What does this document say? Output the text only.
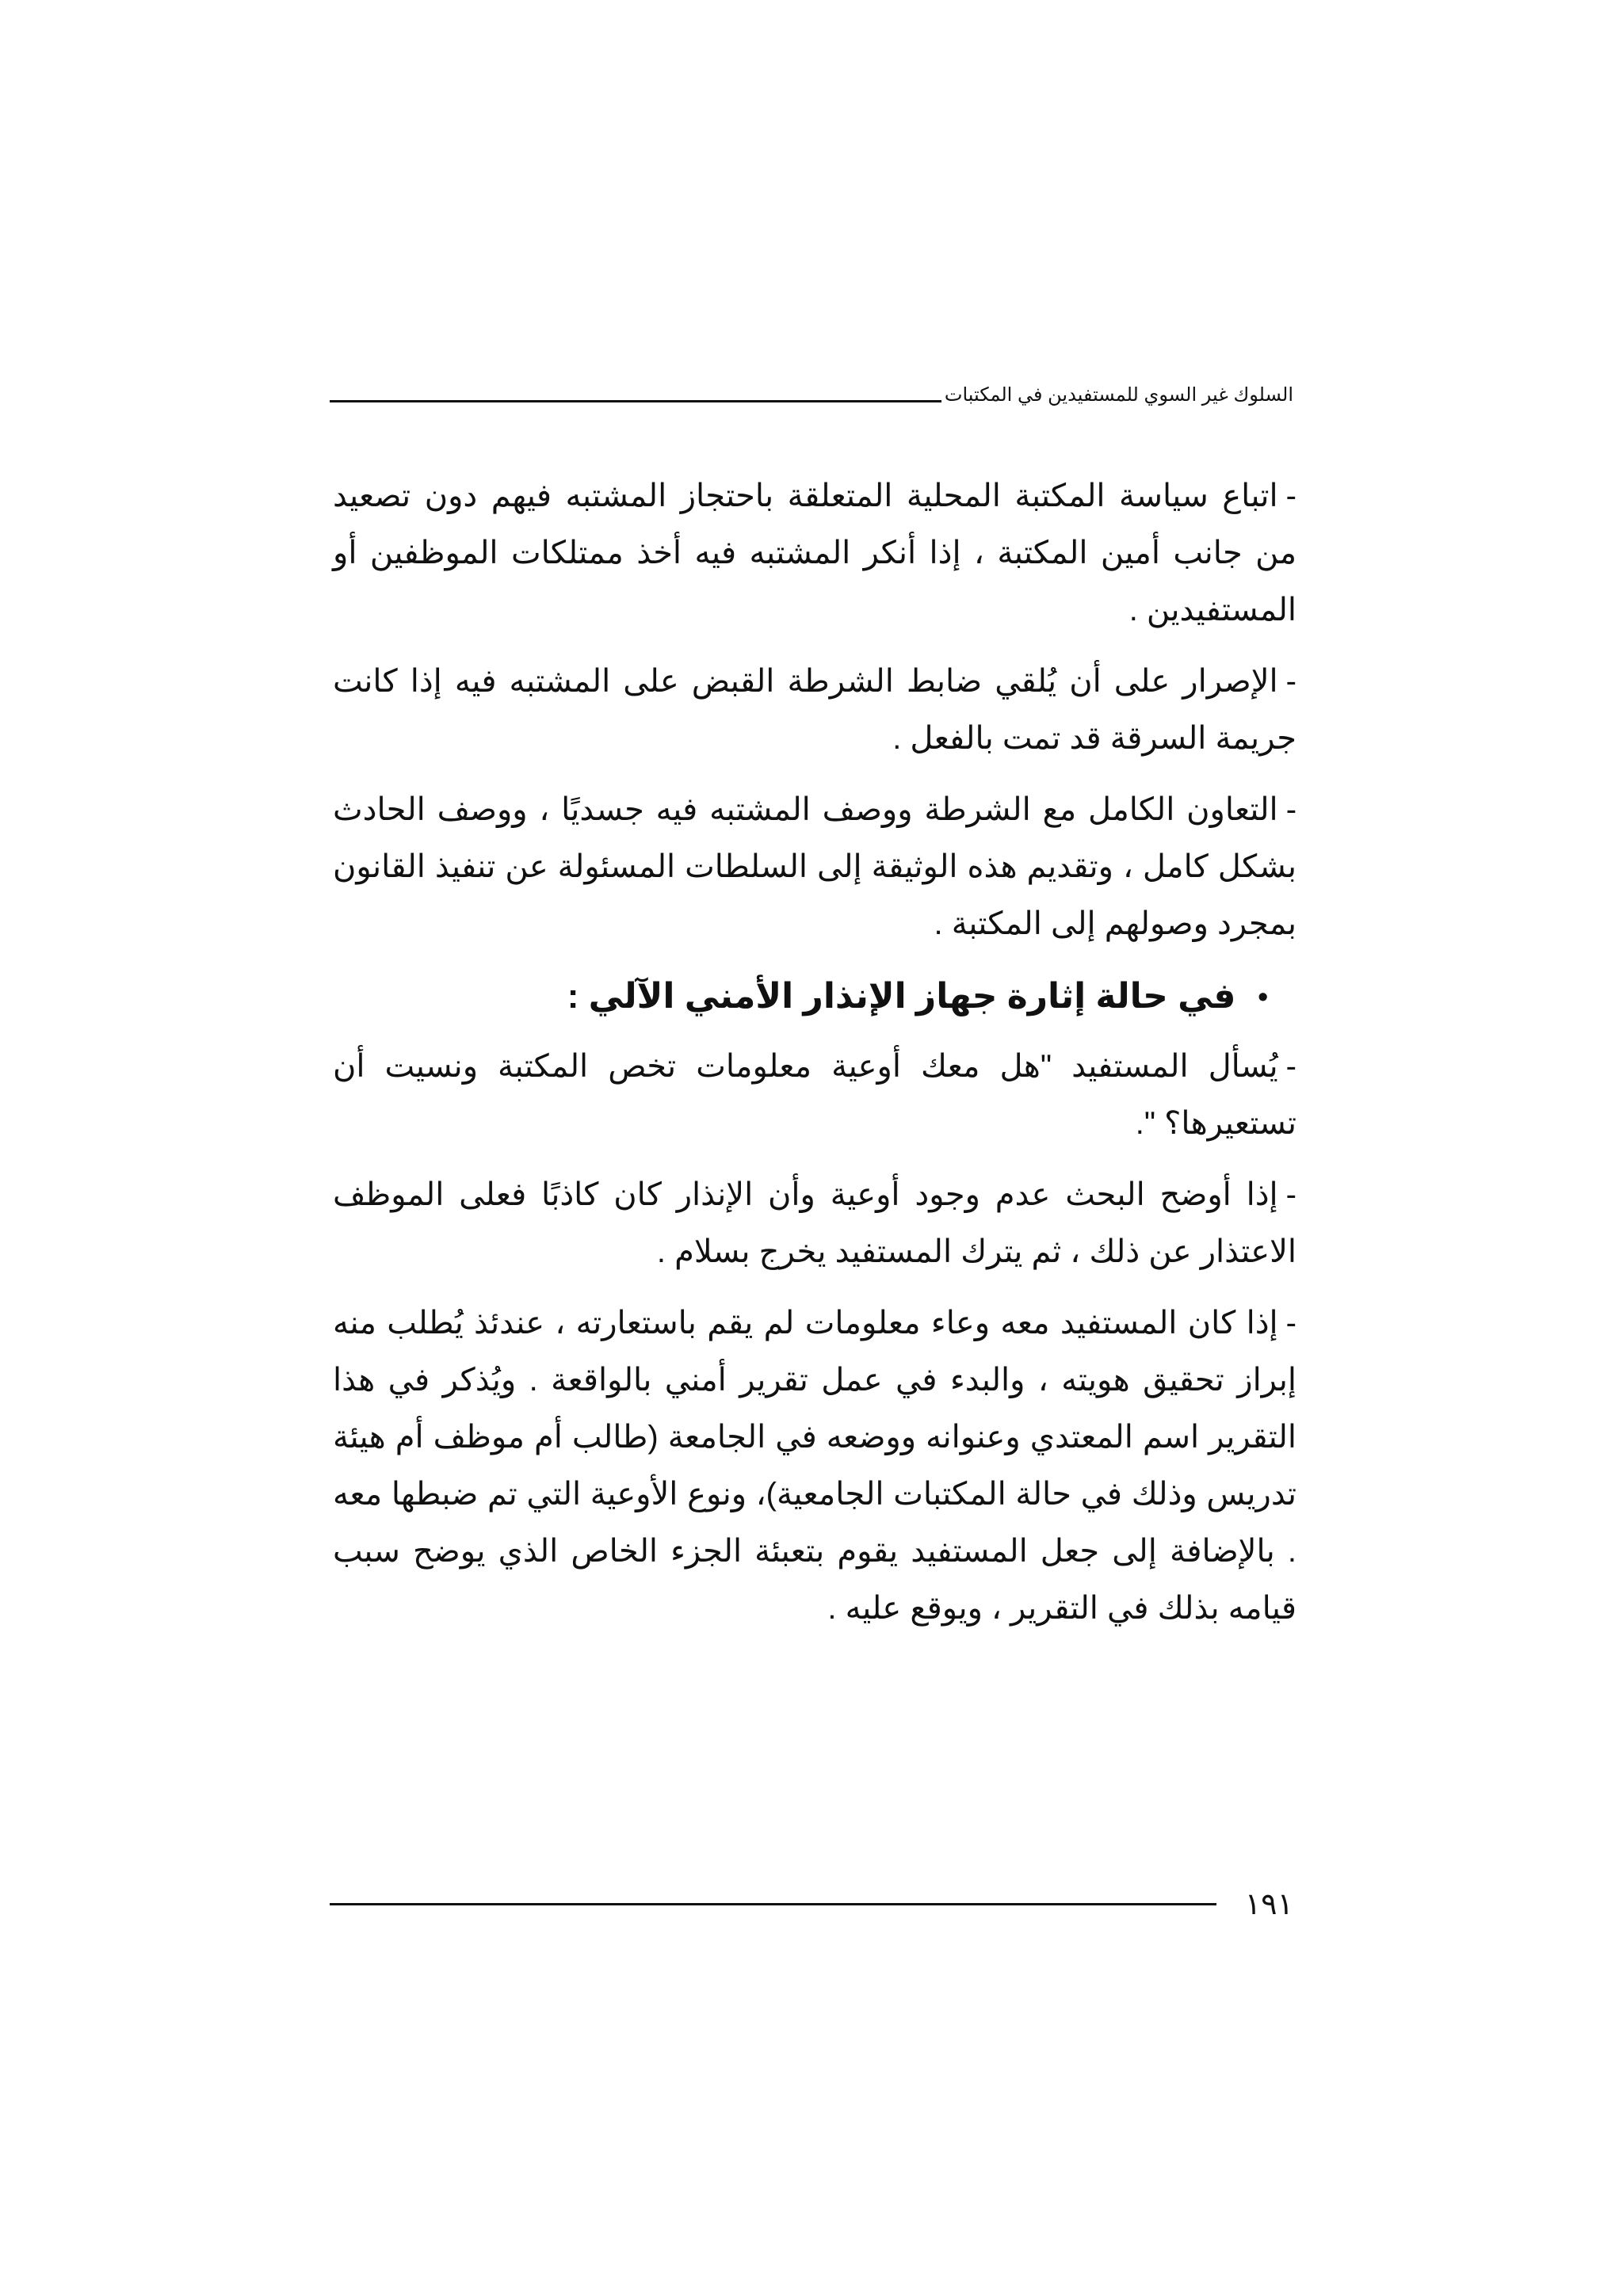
السلوك غير السوي للمستفيدين في المكتبات

-اتباع سياسة المكتبة المحلية المتعلقة باحتجاز المشتبه فيهم دون تصعيد من جانب أمين المكتبة ، إذا أنكر المشتبه فيه أخذ ممتلكات الموظفين أو المستفيدين .

-الإصرار على أن يُلقي ضابط الشرطة القبض على المشتبه فيه إذا كانت جريمة السرقة قد تمت بالفعل .

-التعاون الكامل مع الشرطة ووصف المشتبه فيه جسديًا ، ووصف الحادث بشكل كامل ، وتقديم هذه الوثيقة إلى السلطات المسئولة عن تنفيذ القانون بمجرد وصولهم إلى المكتبة .

•
في حالة إثارة جهاز الإنذار الأمني الآلي :

-يُسأل المستفيد "هل معك أوعية معلومات تخص المكتبة ونسيت أن تستعيرها؟ ".

-إذا أوضح البحث عدم وجود أوعية وأن الإنذار كان كاذبًا فعلى الموظف الاعتذار عن ذلك ، ثم يترك المستفيد يخرج بسلام .

-إذا كان المستفيد معه وعاء معلومات لم يقم باستعارته ، عندئذ يُطلب منه إبراز تحقيق هويته ، والبدء في عمل تقرير أمني بالواقعة . ويُذكر في هذا التقرير اسم المعتدي وعنوانه ووضعه في الجامعة (طالب أم موظف أم هيئة تدريس وذلك في حالة المكتبات الجامعية)، ونوع الأوعية التي تم ضبطها معه . بالإضافة إلى جعل المستفيد يقوم بتعبئة الجزء الخاص الذي يوضح سبب قيامه بذلك في التقرير ، ويوقع عليه .

١٩١
